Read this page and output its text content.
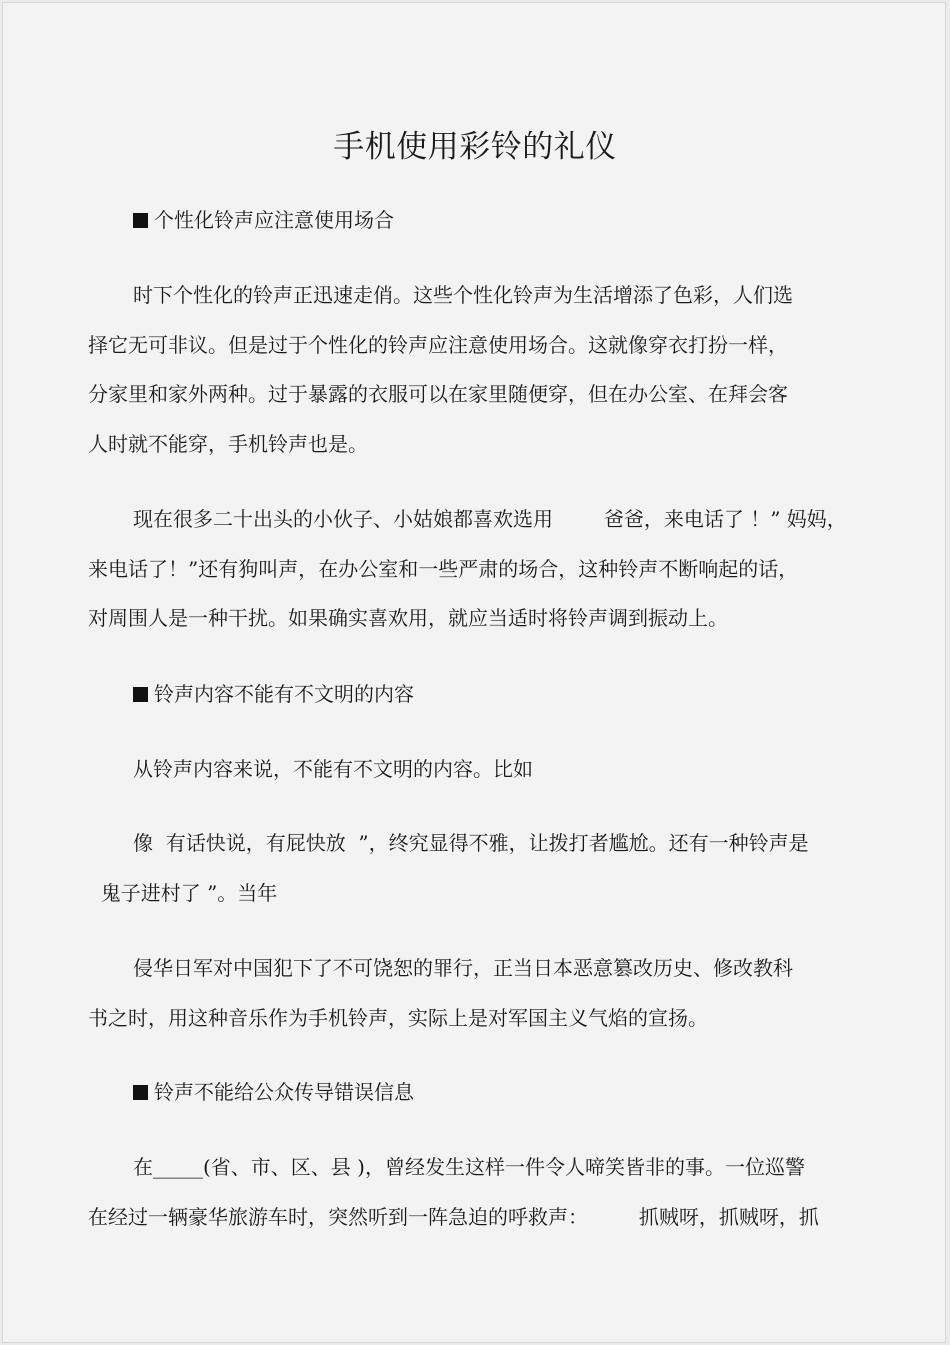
手机使用彩铃的礼仪
个性化铃声应注意使用场合
时下个性化的铃声正迅速走俏。这些个性化铃声为生活增添了色彩，人们选
择它无可非议。但是过于个性化的铃声应注意使用场合。这就像穿衣打扮一样，
分家里和家外两种。过于暴露的衣服可以在家里随便穿，但在办公室、在拜会客
人时就不能穿，手机铃声也是。
现在很多二十出头的小伙子、小姑娘都喜欢选用        爸爸，来电话了 ！” 妈妈，
来电话了！”还有狗叫声，在办公室和一些严肃的场合，这种铃声不断响起的话，
对周围人是一种干扰。如果确实喜欢用，就应当适时将铃声调到振动上。
铃声内容不能有不文明的内容
从铃声内容来说，不能有不文明的内容。比如
像  有话快说，有屁快放  ”，终究显得不雅，让拨打者尴尬。还有一种铃声是
鬼子进村了 ”。当年
侵华日军对中国犯下了不可饶恕的罪行，正当日本恶意篡改历史、修改教科
书之时，用这种音乐作为手机铃声，实际上是对军国主义气焰的宣扬。
铃声不能给公众传导错误信息
在_____(省、市、区、县 )，曾经发生这样一件令人啼笑皆非的事。一位巡警
在经过一辆豪华旅游车时，突然听到一阵急迫的呼救声：        抓贼呀，抓贼呀，抓
